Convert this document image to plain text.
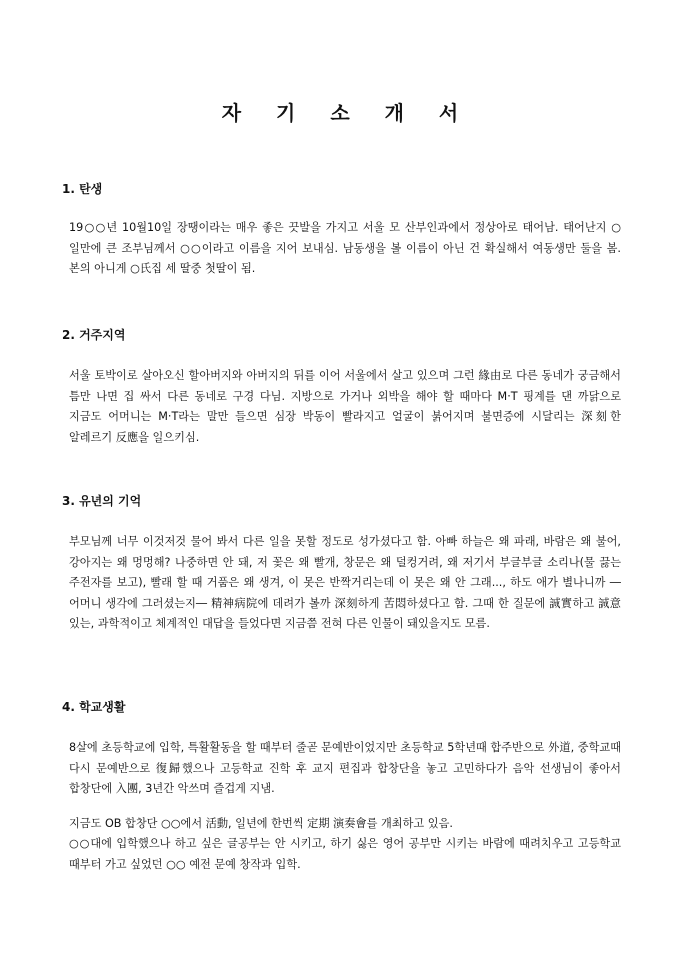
자 기 소 개 서
1. 탄생

19○○년 10월10일 장땡이라는 매우 좋은 끗발을 가지고 서울 모 산부인과에서 정상아로 태어남. 태어난지 ○일만에 큰 조부님께서 ○○이라고 이름을 지어 보내심. 남동생을 볼 이름이 아닌 건 확실해서 여동생만 둘을 봄. 본의 아니게 ○氏집 세 딸중 첫딸이 됨.

2. 거주지역

서울 토박이로 살아오신 할아버지와 아버지의 뒤를 이어 서울에서 살고 있으며 그런 緣由로 다른 동네가 궁금해서 틈만 나면 집 싸서 다른 동네로 구경 다님. 지방으로 가거나 외박을 해야 할 때마다 M·T 핑계를 댄 까닭으로 지금도 어머니는 M·T라는 말만 들으면 심장 박동이 빨라지고 얼굴이 붉어지며 불면증에 시달리는 深刻한 알레르기 反應을 일으키심.

3. 유년의 기억

부모님께 너무 이것저것 물어 봐서 다른 일을 못할 정도로 성가셨다고 함. 아빠 하늘은 왜 파래, 바람은 왜 불어, 강아지는 왜 멍멍해? 나중하면 안 돼, 저 꽃은 왜 빨개, 창문은 왜 덜컹거려, 왜 저기서 부글부글 소리나(물 끓는 주전자를 보고), 빨래 할 때 거품은 왜 생겨, 이 못은 반짝거리는데 이 못은 왜 안 그래..., 하도 애가 별나니까 ―어머니 생각에 그러셨는지― 精神病院에 데려가 볼까 深刻하게 苦悶하셨다고 함. 그때 한 질문에 誠實하고 誠意 있는, 과학적이고 체계적인 대답을 들었다면 지금쯤 전혀 다른 인물이 돼있을지도 모름.

4. 학교생활

8살에 초등학교에 입학, 특활활동을 할 때부터 줄곧 문예반이었지만 초등학교 5학년때 합주반으로 外道, 중학교때 다시 문예반으로 復歸했으나 고등학교 진학 후 교지 편집과 합창단을 놓고 고민하다가 음악 선생님이 좋아서 합창단에 入團, 3년간 악쓰며 즐겁게 지냄.

지금도 OB 합창단 ○○에서 活動, 일년에 한번씩 定期 演奏會를 개최하고 있음.

○○대에 입학했으나 하고 싶은 글공부는 안 시키고, 하기 싫은 영어 공부만 시키는 바람에 때려치우고 고등학교 때부터 가고 싶었던 ○○ 예전 문예 창작과 입학.
